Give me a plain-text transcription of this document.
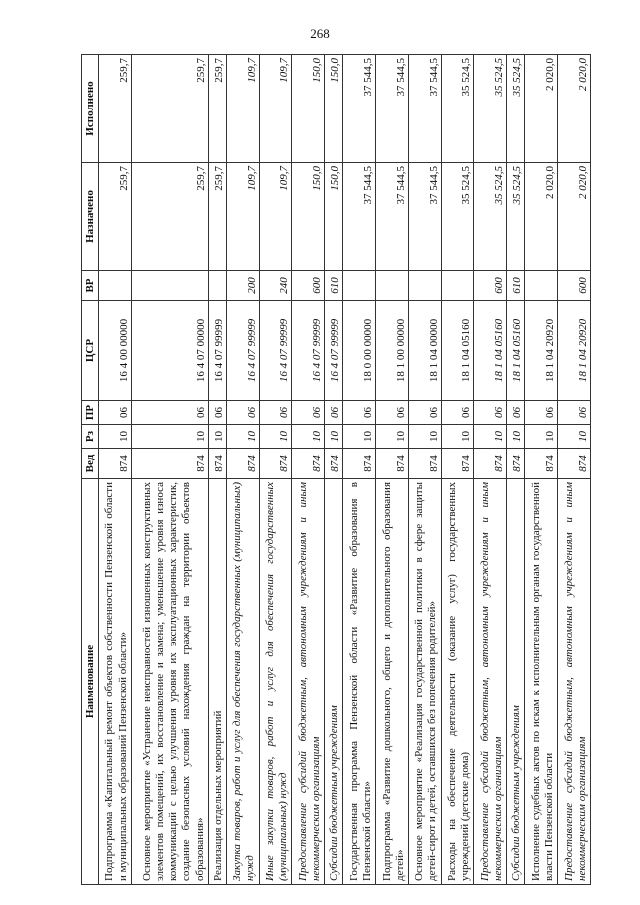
268
Наименование	Вед	Рз	ПР	ЦСР	ВР	Назначено	Исполнено
Подпрограмма «Капитальный ремонт объектов собственности Пензенской области и муниципальных образований Пензенской области»	874	10	06	16 4 00 00000		259,7	259,7
Основное мероприятие «Устранение неисправностей изношенных конструктивных элементов помещений, их восстановление и замена; уменьшение уровня износа коммуникаций с целью улучшения уровня их эксплуатационных характеристик, создание безопасных условий нахождения граждан на территории объектов образования»	874	10	06	16 4 07 00000		259,7	259,7
Реализация отдельных мероприятий	874	10	06	16 4 07 99999		259,7	259,7
Закупка товаров, работ и услуг для обеспечения государственных (муниципальных) нужд	874	10	06	16 4 07 99999	200	109,7	109,7
Иные закупки товаров, работ и услуг для обеспечения государственных (муниципальных) нужд	874	10	06	16 4 07 99999	240	109,7	109,7
Предоставление субсидий бюджетным, автономным учреждениям и иным некоммерческим организациям	874	10	06	16 4 07 99999	600	150,0	150,0
Субсидии бюджетным учреждениям	874	10	06	16 4 07 99999	610	150,0	150,0
Государственная программа Пензенской области «Развитие образования в Пензенской области»	874	10	06	18 0 00 00000		37 544,5	37 544,5
Подпрограмма «Развитие дошкольного, общего и дополнительного образования детей»	874	10	06	18 1 00 00000		37 544,5	37 544,5
Основное мероприятие «Реализация государственной политики в сфере защиты детей-сирот и детей, оставшихся без попечения родителей»	874	10	06	18 1 04 00000		37 544,5	37 544,5
Расходы на обеспечение деятельности (оказание услуг) государственных учреждений (детские дома)	874	10	06	18 1 04 05160		35 524,5	35 524,5
Предоставление субсидий бюджетным, автономным учреждениям и иным некоммерческим организациям	874	10	06	18 1 04 05160	600	35 524,5	35 524,5
Субсидии бюджетным учреждениям	874	10	06	18 1 04 05160	610	35 524,5	35 524,5
Исполнение судебных актов по искам к исполнительным органам государственной власти Пензенской области	874	10	06	18 1 04 20920		2 020,0	2 020,0
Предоставление субсидий бюджетным, автономным учреждениям и иным некоммерческим организациям	874	10	06	18 1 04 20920	600	2 020,0	2 020,0
